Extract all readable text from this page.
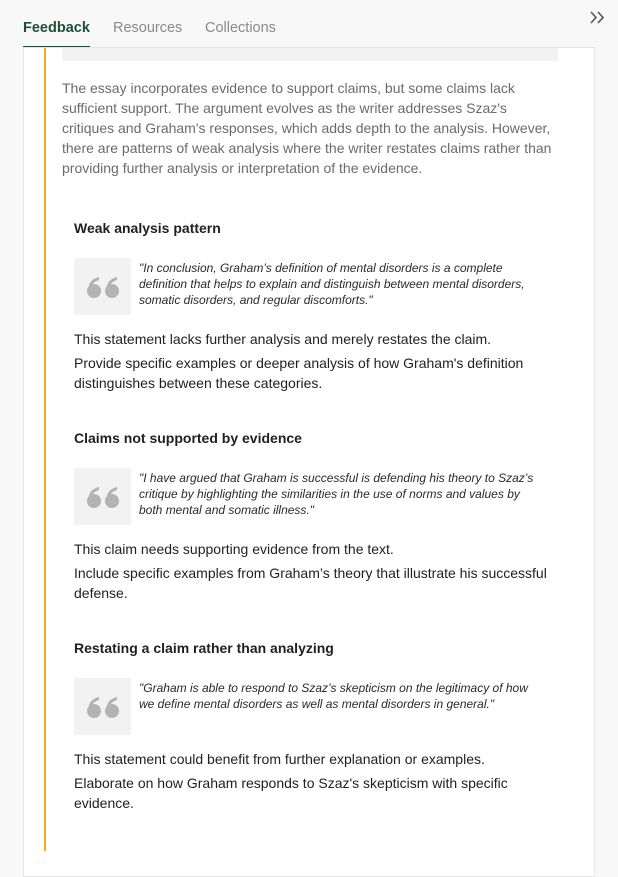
Feedback Resources Collections

The essay incorporates evidence to support claims, but some claims lack sufficient support. The argument evolves as the writer addresses Szaz's critiques and Graham's responses, which adds depth to the analysis. However, there are patterns of weak analysis where the writer restates claims rather than providing further analysis or interpretation of the evidence.

Weak analysis pattern
"In conclusion, Graham’s definition of mental disorders is a complete definition that helps to explain and distinguish between mental disorders, somatic disorders, and regular discomforts."
This statement lacks further analysis and merely restates the claim.
Provide specific examples or deeper analysis of how Graham's definition distinguishes between these categories.
Claims not supported by evidence
"I have argued that Graham is successful is defending his theory to Szaz’s critique by highlighting the similarities in the use of norms and values by both mental and somatic illness."
This claim needs supporting evidence from the text.
Include specific examples from Graham’s theory that illustrate his successful defense.
Restating a claim rather than analyzing
"Graham is able to respond to Szaz’s skepticism on the legitimacy of how we define mental disorders as well as mental disorders in general."
This statement could benefit from further explanation or examples.
Elaborate on how Graham responds to Szaz's skepticism with specific evidence.
